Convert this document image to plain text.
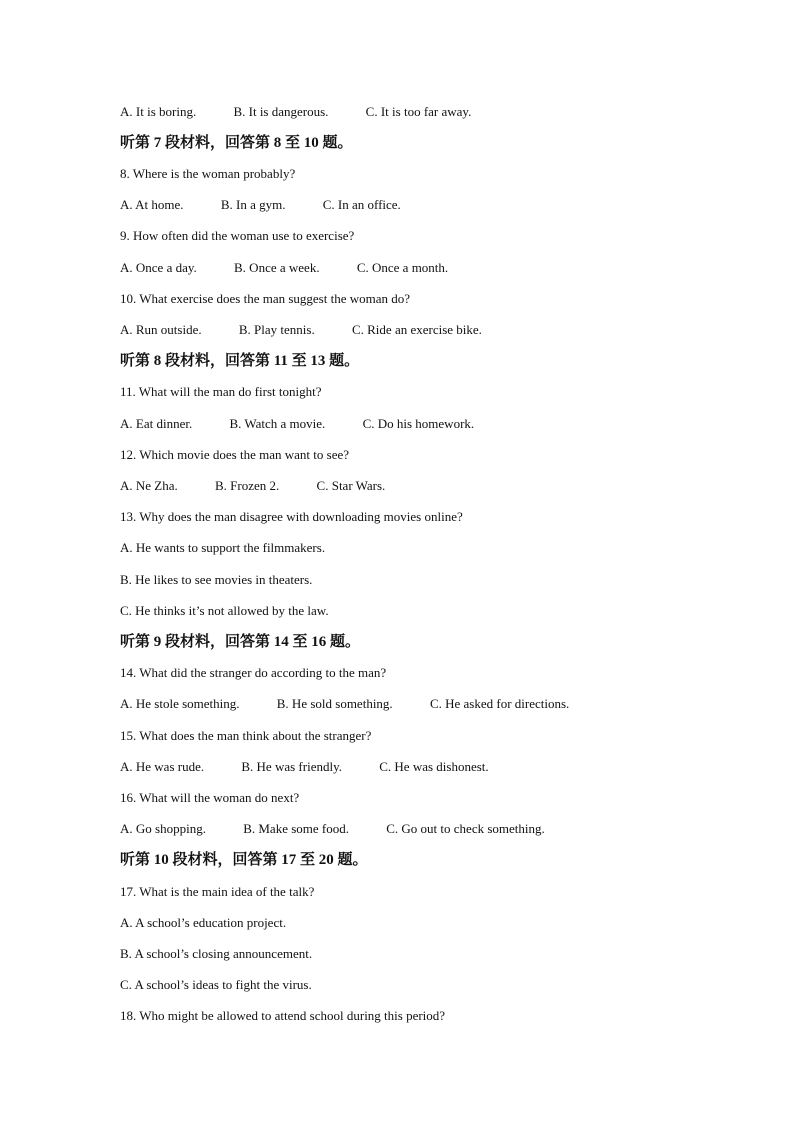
A. It is boring.	B. It is dangerous.	C. It is too far away.
听第 7 段材料，回答第 8 至 10 题。
8. Where is the woman probably?
A. At home.	B. In a gym.	C. In an office.
9. How often did the woman use to exercise?
A. Once a day.	B. Once a week.	C. Once a month.
10. What exercise does the man suggest the woman do?
A. Run outside.	B. Play tennis.	C. Ride an exercise bike.
听第 8 段材料，回答第 11 至 13 题。
11. What will the man do first tonight?
A. Eat dinner.	B. Watch a movie.	C. Do his homework.
12. Which movie does the man want to see?
A. Ne Zha.	B. Frozen 2.	C. Star Wars.
13. Why does the man disagree with downloading movies online?
A. He wants to support the filmmakers.
B. He likes to see movies in theaters.
C. He thinks it’s not allowed by the law.
听第 9 段材料，回答第 14 至 16 题。
14. What did the stranger do according to the man?
A. He stole something.	B. He sold something.	C. He asked for directions.
15. What does the man think about the stranger?
A. He was rude.	B. He was friendly.	C. He was dishonest.
16. What will the woman do next?
A. Go shopping.	B. Make some food.	C. Go out to check something.
听第 10 段材料，回答第 17 至 20 题。
17. What is the main idea of the talk?
A. A school’s education project.
B. A school’s closing announcement.
C. A school’s ideas to fight the virus.
18. Who might be allowed to attend school during this period?
